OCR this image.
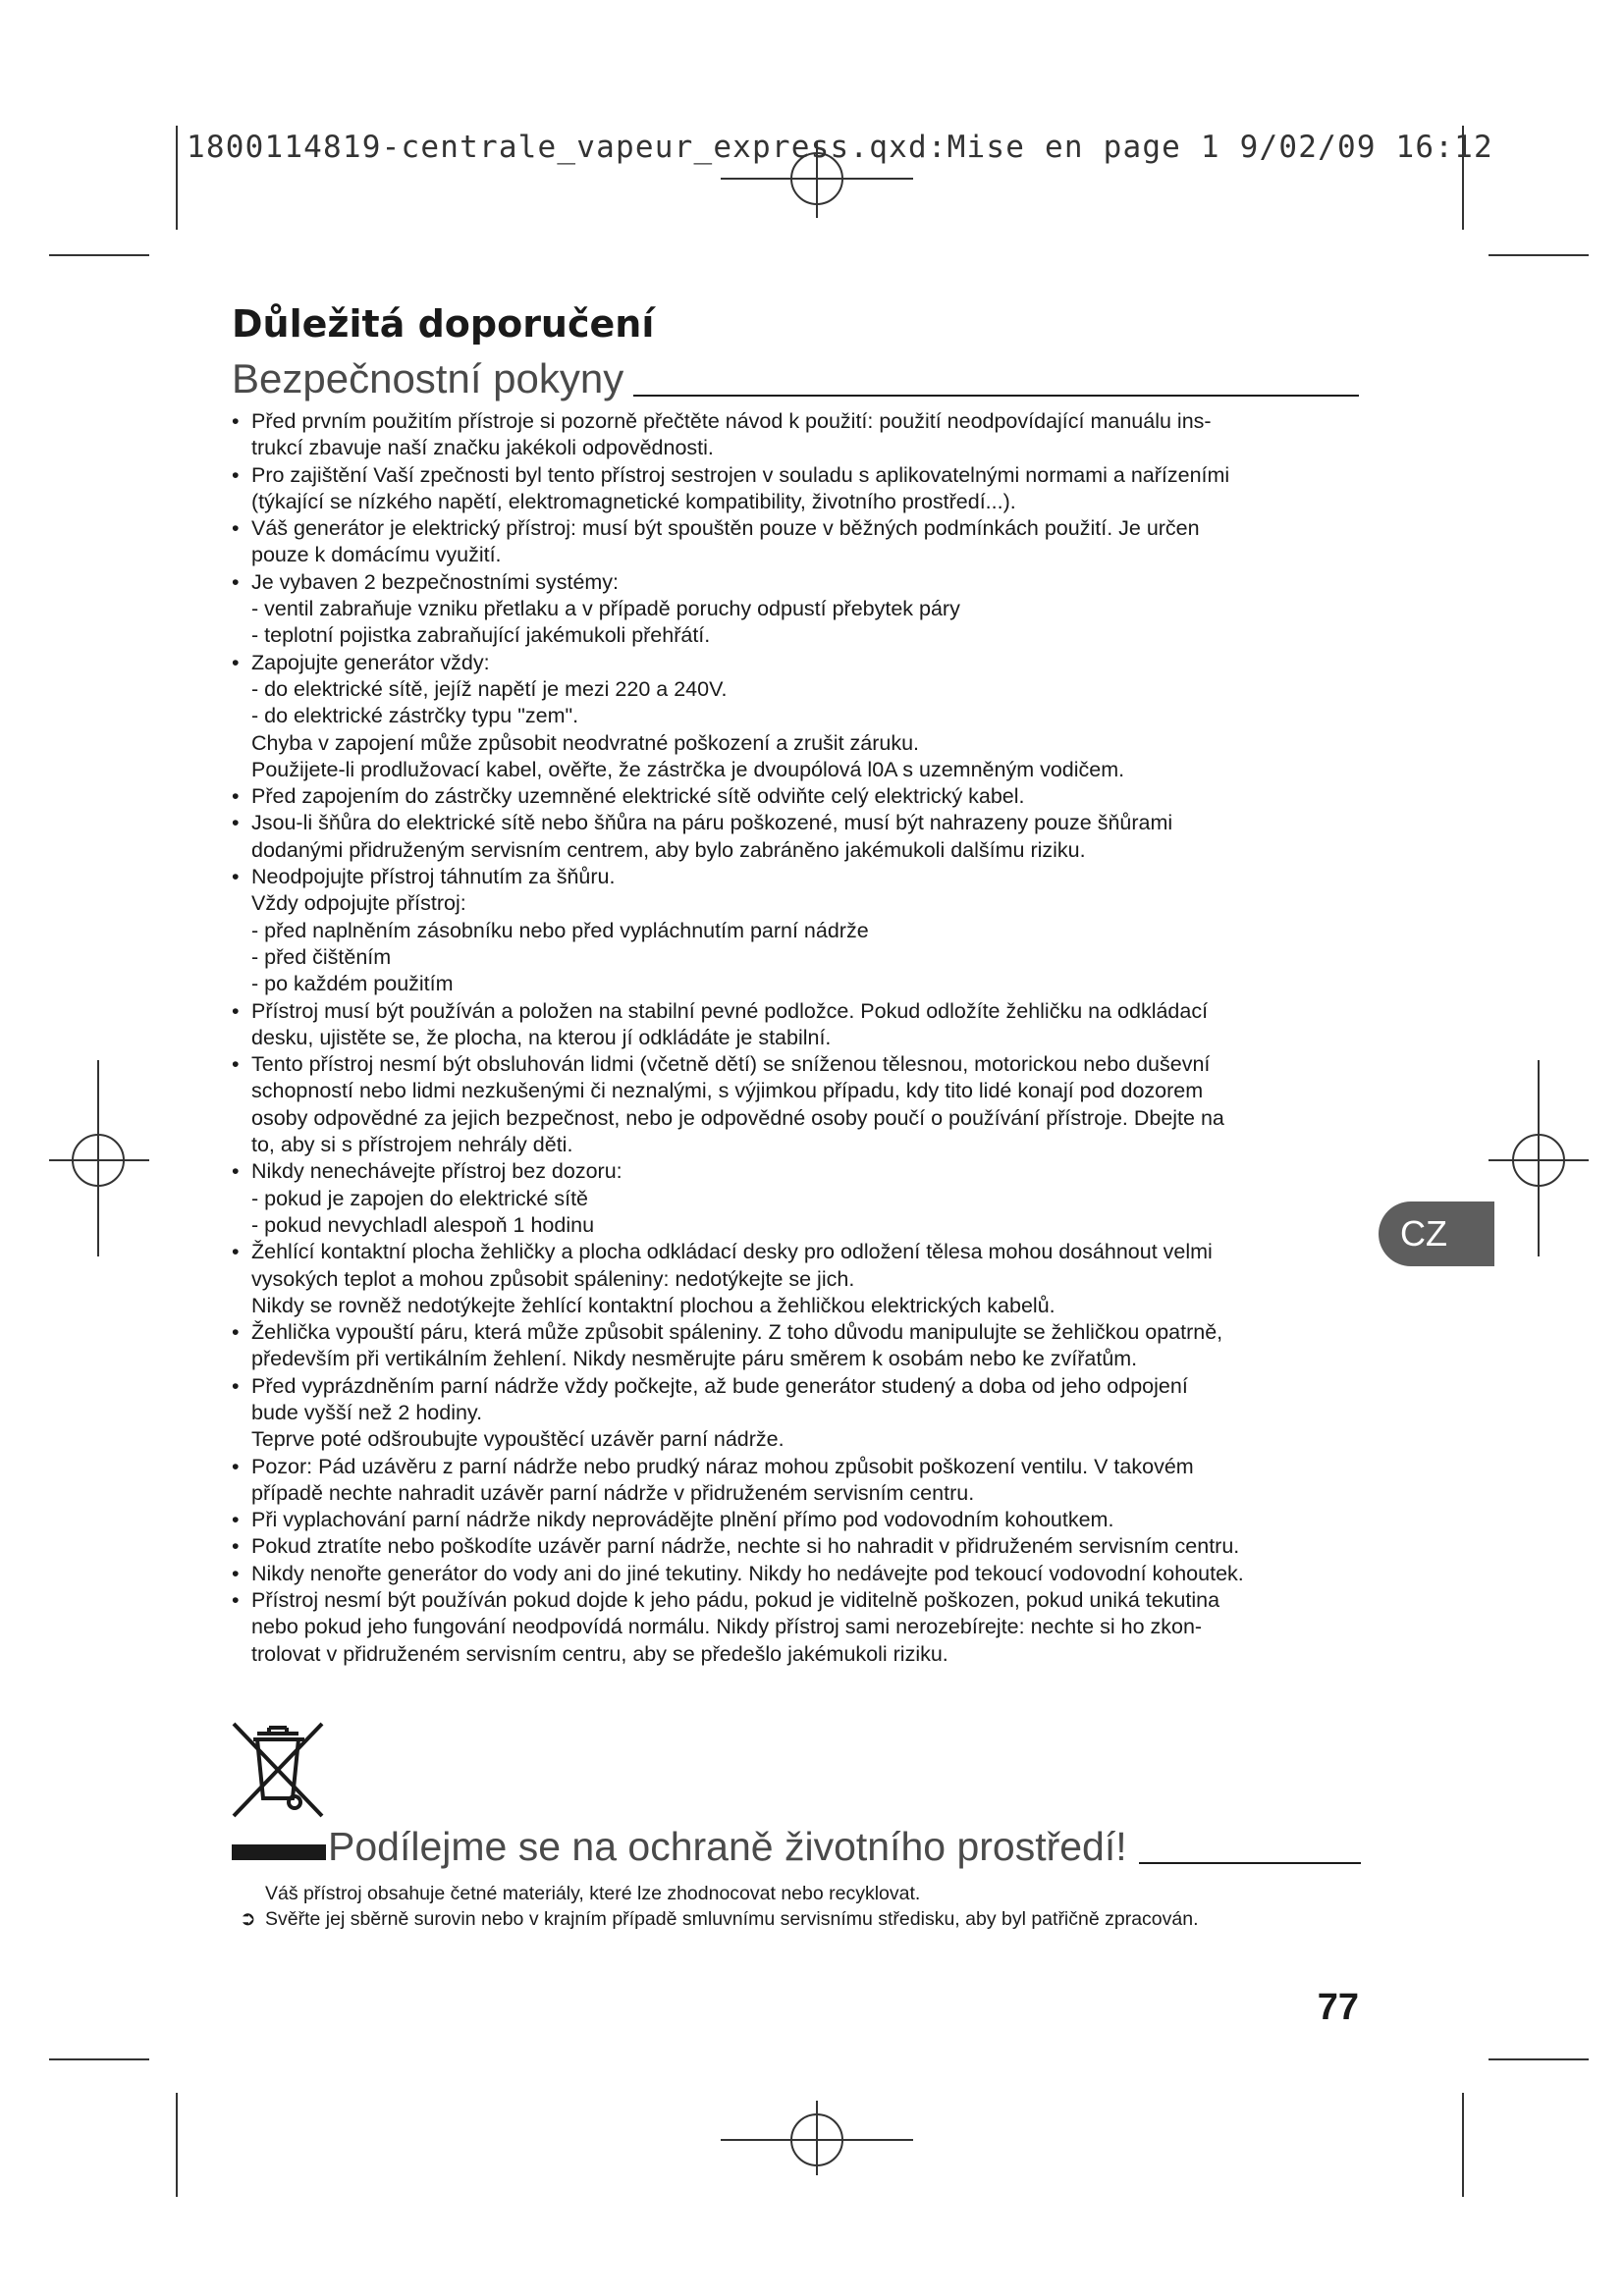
1800114819-centrale_vapeur_express.qxd:Mise en page 1 9/02/09 16:12
Důležitá doporučení
Bezpečnostní pokyny
• Před prvním použitím přístroje si pozorně přečtěte návod k použití: použití neodpovídající manuálu ins-
trukcí zbavuje naší značku jakékoli odpovědnosti.
• Pro zajištění Vaší zpečnosti byl tento přístroj sestrojen v souladu s aplikovatelnými normami a nařízeními
(týkající se nízkého napětí, elektromagnetické kompatibility, životního prostředí...).
• Váš generátor je elektrický přístroj: musí být spouštěn pouze v běžných podmínkách použití. Je určen
pouze k domácímu využití.
• Je vybaven 2 bezpečnostními systémy:
- ventil zabraňuje vzniku přetlaku a v případě poruchy odpustí přebytek páry
- teplotní pojistka zabraňující jakémukoli přehřátí.
• Zapojujte generátor vždy:
- do elektrické sítě, jejíž napětí je mezi 220 a 240V.
- do elektrické zástrčky typu "zem".
Chyba v zapojení může způsobit neodvratné poškození a zrušit záruku.
Použijete-li prodlužovací kabel, ověřte, že zástrčka je dvoupólová l0A s uzemněným vodičem.
• Před zapojením do zástrčky uzemněné elektrické sítě odviňte celý elektrický kabel.
• Jsou-li šňůra do elektrické sítě nebo šňůra na páru poškozené, musí být nahrazeny pouze šňůrami
dodanými přidruženým servisním centrem, aby bylo zabráněno jakémukoli dalšímu riziku.
• Neodpojujte přístroj táhnutím za šňůru.
Vždy odpojujte přístroj:
- před naplněním zásobníku nebo před vypláchnutím parní nádrže
- před čištěním
- po každém použitím
• Přístroj musí být používán a položen na stabilní pevné podložce. Pokud odložíte žehličku na odkládací
desku, ujistěte se, že plocha, na kterou jí odkládáte je stabilní.
• Tento přístroj nesmí být obsluhován lidmi (včetně dětí) se sníženou tělesnou, motorickou nebo duševní
schopností nebo lidmi nezkušenými či neznalými, s výjimkou případu, kdy tito lidé konají pod dozorem
osoby odpovědné za jejich bezpečnost, nebo je odpovědné osoby poučí o používání přístroje. Dbejte na
to, aby si s přístrojem nehrály děti.
• Nikdy nenechávejte přístroj bez dozoru:
- pokud je zapojen do elektrické sítě
- pokud nevychladl alespoň 1 hodinu
• Žehlící kontaktní plocha žehličky a plocha odkládací desky pro odložení tělesa mohou dosáhnout velmi
vysokých teplot a mohou způsobit spáleniny: nedotýkejte se jich.
Nikdy se rovněž nedotýkejte žehlící kontaktní plochou a žehličkou elektrických kabelů.
• Žehlička vypouští páru, která může způsobit spáleniny. Z toho důvodu manipulujte se žehličkou opatrně,
především při vertikálním žehlení. Nikdy nesměrujte páru směrem k osobám nebo ke zvířatům.
• Před vyprázdněním parní nádrže vždy počkejte, až bude generátor studený a doba od jeho odpojení
bude vyšší než 2 hodiny.
Teprve poté odšroubujte vypouštěcí uzávěr parní nádrže.
• Pozor: Pád uzávěru z parní nádrže nebo prudký náraz mohou způsobit poškození ventilu. V takovém
případě nechte nahradit uzávěr parní nádrže v přidruženém servisním centru.
• Při vyplachování parní nádrže nikdy neprovádějte plnění přímo pod vodovodním kohoutkem.
• Pokud ztratíte nebo poškodíte uzávěr parní nádrže, nechte si ho nahradit v přidruženém servisním centru.
• Nikdy nenořte generátor do vody ani do jiné tekutiny. Nikdy ho nedávejte pod tekoucí vodovodní kohoutek.
• Přístroj nesmí být používán pokud dojde k jeho pádu, pokud je viditelně poškozen, pokud uniká tekutina
nebo pokud jeho fungování neodpovídá normálu. Nikdy přístroj sami nerozebírejte: nechte si ho zkon-
trolovat v přidruženém servisním centru, aby se předešlo jakémukoli riziku.
CZ
Podílejme se na ochraně životního prostředí!
Váš přístroj obsahuje četné materiály, které lze zhodnocovat nebo recyklovat.
➲ Svěřte jej sběrně surovin nebo v krajním případě smluvnímu servisnímu středisku, aby byl patřičně zpracován.
77
